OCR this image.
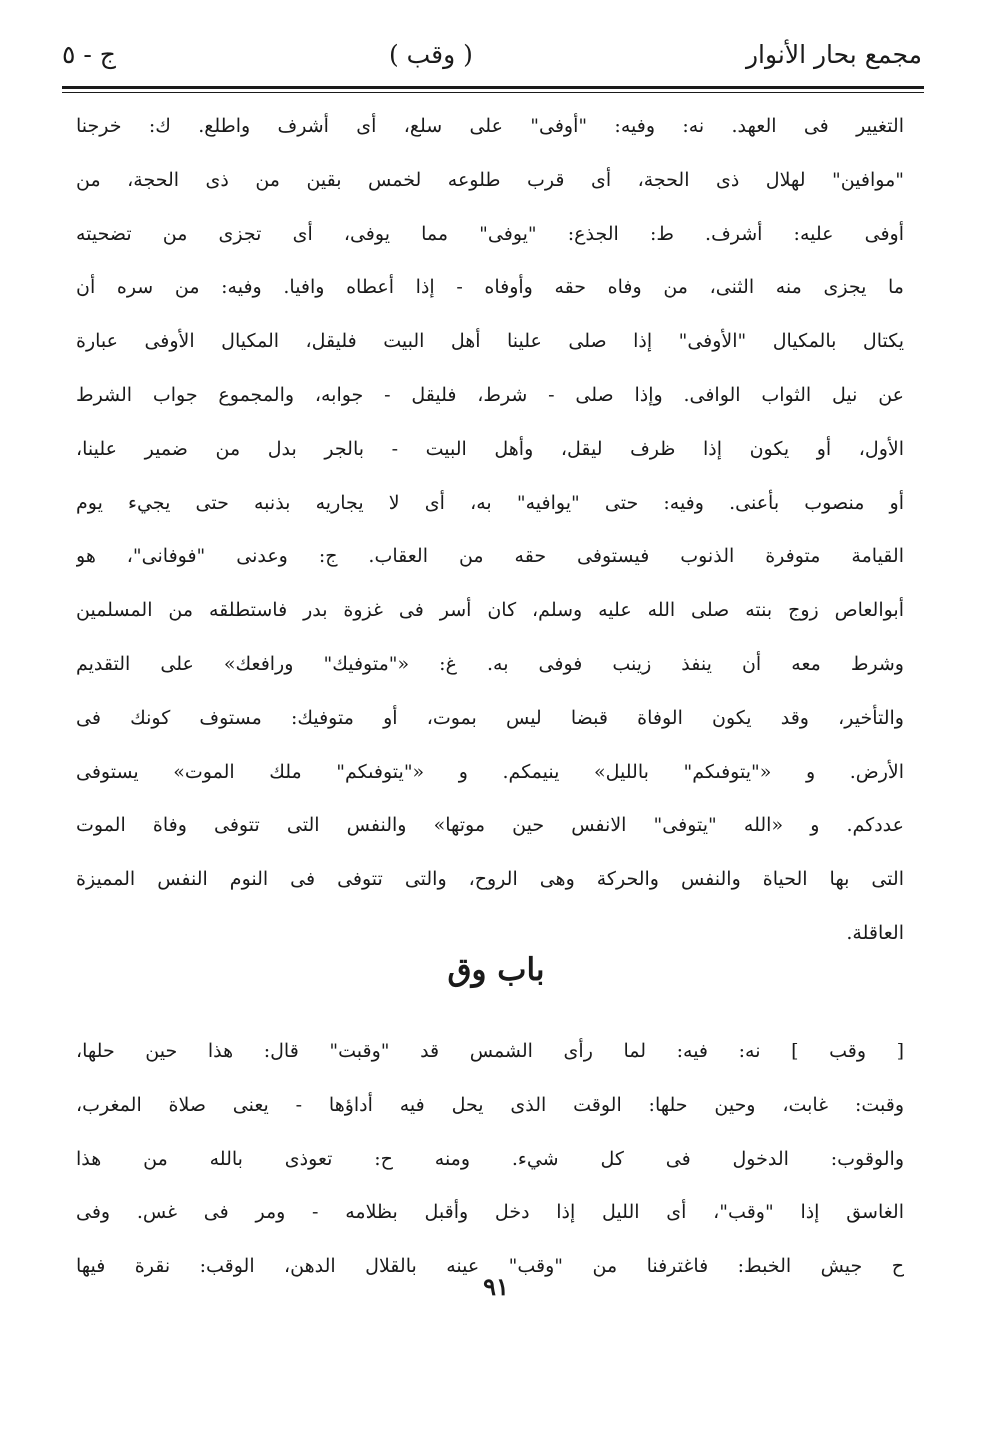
مجمع بحار الأنوار
( وقب )
ج - ٥
التغيير فى العهد. نه: وفيه: "أوفى" على سلع، أى أشرف واطلع. ك: خرجنا
"موافين" لهلال ذى الحجة، أى قرب طلوعه لخمس بقين من ذى الحجة، من
أوفى عليه: أشرف. ط: الجذع: "يوفى" مما يوفى، أى تجزى من تضحيته
ما يجزى منه الثنى، من وفاه حقه وأوفاه - إذا أعطاه وافيا. وفيه: من سره أن
يكتال بالمكيال "الأوفى" إذا صلى علينا أهل البيت فليقل، المكيال الأوفى عبارة
عن نيل الثواب الوافى. وإذا صلى - شرط، فليقل - جوابه، والمجموع جواب الشرط
الأول، أو يكون إذا ظرف ليقل، وأهل البيت - بالجر بدل من ضمير علينا،
أو منصوب بأعنى. وفيه: حتى "يوافيه" به، أى لا يجاريه بذنبه حتى يجيء يوم
القيامة متوفرة الذنوب فيستوفى حقه من العقاب. ج: وعدنى "فوفانى"، هو
أبوالعاص زوج بنته صلى الله عليه وسلم، كان أسر فى غزوة بدر فاستطلقه من المسلمين
وشرط معه أن ينفذ زينب فوفى به. غ: «"متوفيك" ورافعك» على التقديم
والتأخير، وقد يكون الوفاة قبضا ليس بموت، أو متوفيك: مستوف كونك فى
الأرض. و «"يتوفىكم" بالليل» ينيمكم. و «"يتوفىكم" ملك الموت» يستوفى
عددكم. و «الله "يتوفى" الانفس حين موتها» والنفس التى تتوفى وفاة الموت
التى بها الحياة والنفس والحركة وهى الروح، والتى تتوفى فى النوم النفس المميزة
العاقلة.
باب وق
[ وقب ] نه: فيه: لما رأى الشمس قد "وقبت" قال: هذا حين حلها،
وقبت: غابت، وحين حلها: الوقت الذى يحل فيه أداؤها - يعنى صلاة المغرب،
والوقوب: الدخول فى كل شيء. ومنه ح: تعوذى بالله من هذا
الغاسق إذا "وقب"، أى الليل إذا دخل وأقبل بظلامه - ومر فى غس. وفى
ح جيش الخبط: فاغترفنا من "وقب" عينه بالقلال الدهن، الوقب: نقرة فيها
٩١
